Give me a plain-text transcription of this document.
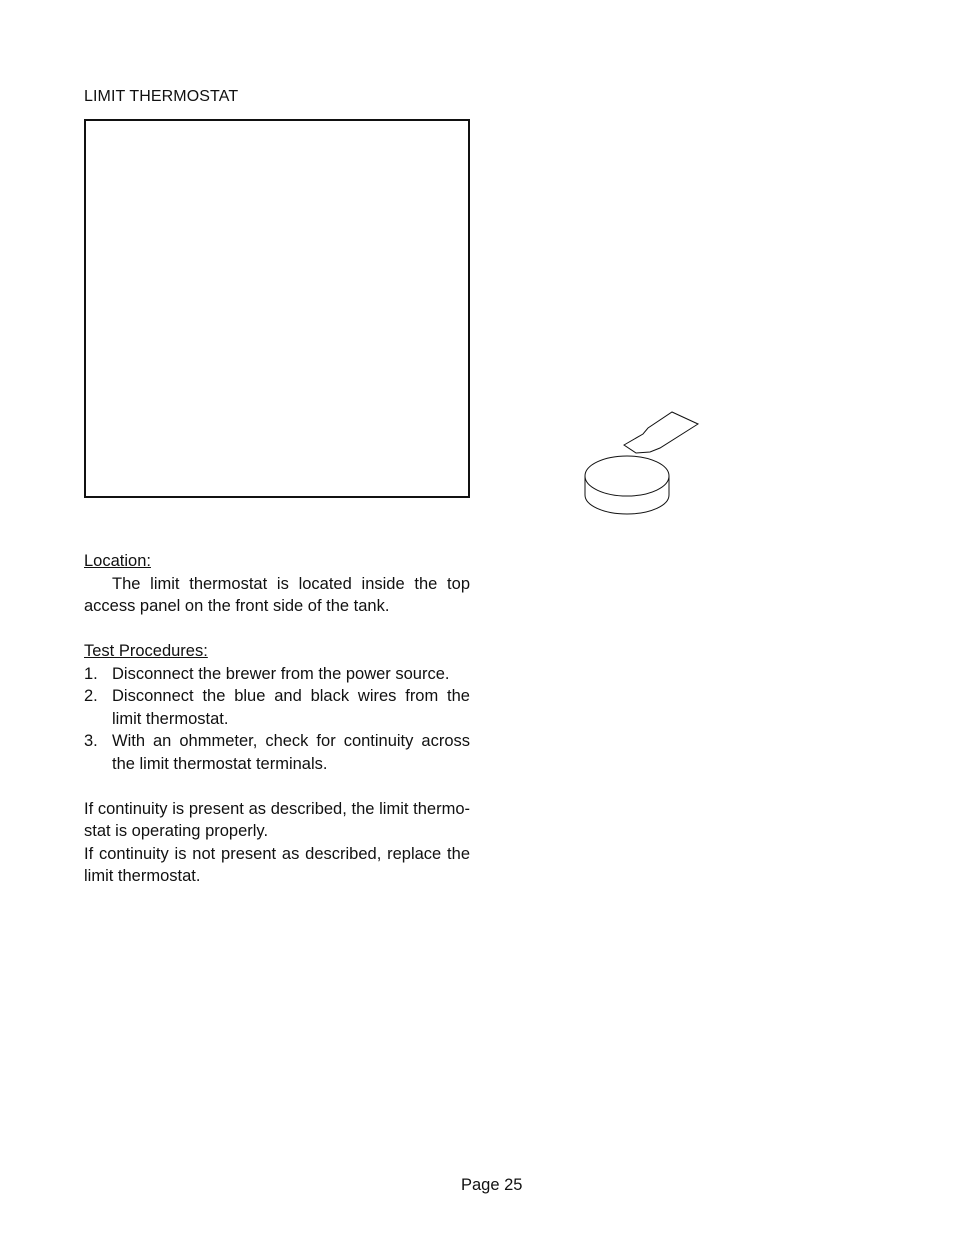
LIMIT THERMOSTAT

Location:

The limit thermostat is located inside the top access panel on the front side of the tank.

Test Procedures:

1. Disconnect the brewer from the power source.
2. Disconnect the blue and black wires from the limit thermostat.
3. With an ohmmeter, check for continuity across the limit thermostat terminals.

If continuity is present as described, the limit thermo-stat is operating properly.

If continuity is not present as described, replace the limit thermostat.

Page 25
